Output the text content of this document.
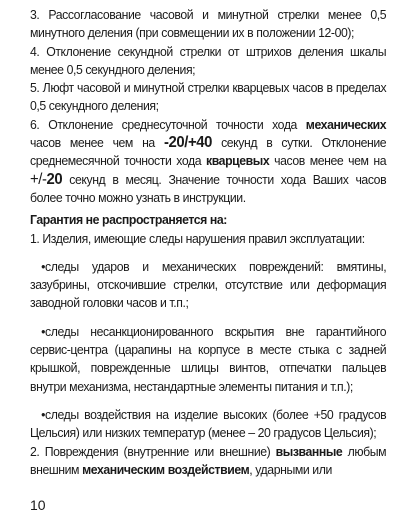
3. Рассогласование часовой и минутной стрелки менее 0,5 минутного деления (при совмещении их в положении 12-00);

4. Отклонение секундной стрелки от штрихов деления шкалы менее 0,5 секундного деления;

5. Люфт часовой и минутной стрелки кварцевых часов в пределах 0,5 секундного деления;

6. Отклонение среднесуточной точности хода механических часов менее чем на -20/+40 секунд в сутки. Отклонение среднемесячной точности хода кварцевых часов менее чем на +/-20 секунд в месяц. Значение точности хода Ваших часов более точно можно узнать в инструкции.

Гарантия не распространяется на:

1. Изделия, имеющие следы нарушения правил эксплуатации:

•следы ударов и механических повреждений: вмятины, зазубрины, отскочившие стрелки, отсутствие или деформация заводной головки часов и т.п.;

•следы несанкционированного вскрытия вне гарантийного сервис-центра (царапины на корпусе в месте стыка с задней крышкой, поврежденные шлицы винтов, отпечатки пальцев внутри механизма, нестандартные элементы питания и т.п.);

•следы воздействия на изделие высоких (более +50 градусов Цельсия) или низких температур (менее – 20 градусов Цельсия);

2. Повреждения (внутренние или внешние) вызванные любым внешним механическим воздействием, ударными или

10
